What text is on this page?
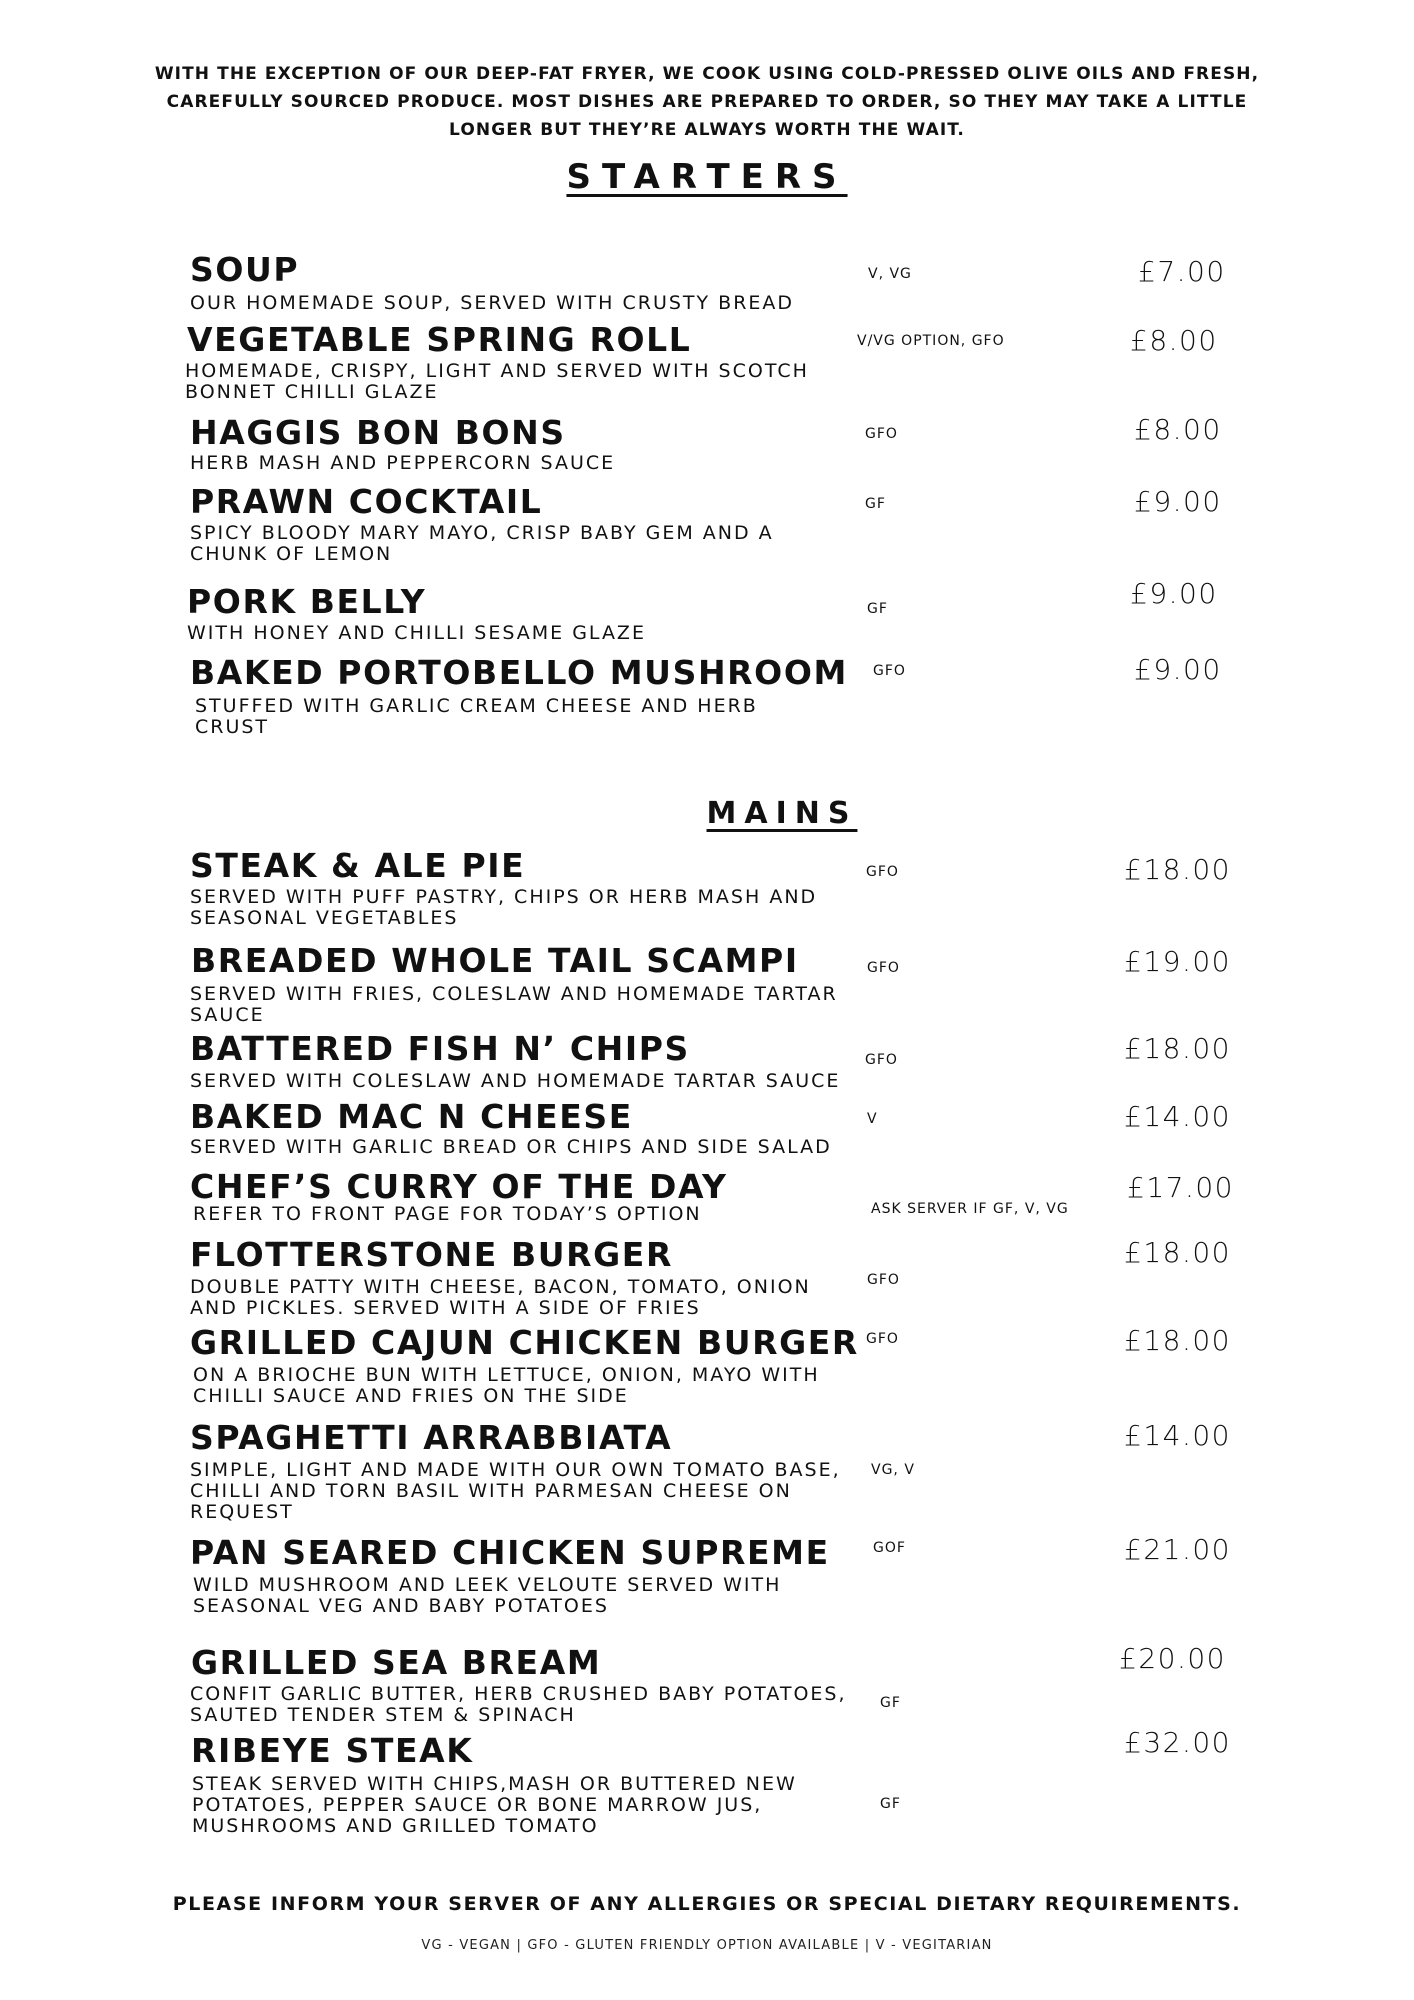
WITH THE EXCEPTION OF OUR DEEP-FAT FRYER, WE COOK USING COLD-PRESSED OLIVE OILS AND FRESH, CAREFULLY SOURCED PRODUCE. MOST DISHES ARE PREPARED TO ORDER, SO THEY MAY TAKE A LITTLE LONGER BUT THEY’RE ALWAYS WORTH THE WAIT.
STARTERS
SOUP
OUR HOMEMADE SOUP, SERVED WITH CRUSTY BREAD
V, VG	£7.00
VEGETABLE SPRING ROLL
HOMEMADE, CRISPY, LIGHT AND SERVED WITH SCOTCH BONNET CHILLI GLAZE
V/VG OPTION, GFO	£8.00
HAGGIS BON BONS
HERB MASH AND PEPPERCORN SAUCE
GFO	£8.00
PRAWN COCKTAIL
SPICY BLOODY MARY MAYO, CRISP BABY GEM AND A CHUNK OF LEMON
GF	£9.00
PORK BELLY
WITH HONEY AND CHILLI SESAME GLAZE
GF	£9.00
BAKED PORTOBELLO MUSHROOM
STUFFED WITH GARLIC CREAM CHEESE AND HERB CRUST
GFO	£9.00
MAINS
STEAK & ALE PIE
SERVED WITH PUFF PASTRY, CHIPS OR HERB MASH AND SEASONAL VEGETABLES
GFO	£18.00
BREADED WHOLE TAIL SCAMPI
SERVED WITH FRIES, COLESLAW AND HOMEMADE TARTAR SAUCE
GFO	£19.00
BATTERED FISH N’ CHIPS
SERVED WITH COLESLAW AND HOMEMADE TARTAR SAUCE
GFO	£18.00
BAKED MAC N CHEESE
SERVED WITH GARLIC BREAD OR CHIPS AND SIDE SALAD
V	£14.00
CHEF’S CURRY OF THE DAY
REFER TO FRONT PAGE FOR TODAY’S OPTION	ASK SERVER IF GF, V, VG
£17.00
FLOTTERSTONE BURGER
DOUBLE PATTY WITH CHEESE, BACON, TOMATO, ONION AND PICKLES. SERVED WITH A SIDE OF FRIES
GFO
£18.00
GRILLED CAJUN CHICKEN BURGER
ON A BRIOCHE BUN WITH LETTUCE, ONION, MAYO WITH CHILLI SAUCE AND FRIES ON THE SIDE
GFO	£18.00
SPAGHETTI ARRABBIATA
SIMPLE, LIGHT AND MADE WITH OUR OWN TOMATO BASE, CHILLI AND TORN BASIL WITH PARMESAN CHEESE ON REQUEST
VG, V
£14.00
PAN SEARED CHICKEN SUPREME
WILD MUSHROOM AND LEEK VELOUTE SERVED WITH SEASONAL VEG AND BABY POTATOES
GOF	£21.00
GRILLED SEA BREAM
CONFIT GARLIC BUTTER, HERB CRUSHED BABY POTATOES, SAUTED TENDER STEM & SPINACH
GF
£20.00
RIBEYE STEAK
STEAK SERVED WITH CHIPS,MASH OR BUTTERED NEW POTATOES, PEPPER SAUCE OR BONE MARROW JUS, MUSHROOMS AND GRILLED TOMATO
GF
£32.00
PLEASE INFORM YOUR SERVER OF ANY ALLERGIES OR SPECIAL DIETARY REQUIREMENTS.
VG - VEGAN | GFO - GLUTEN FRIENDLY OPTION AVAILABLE | V - VEGITARIAN
